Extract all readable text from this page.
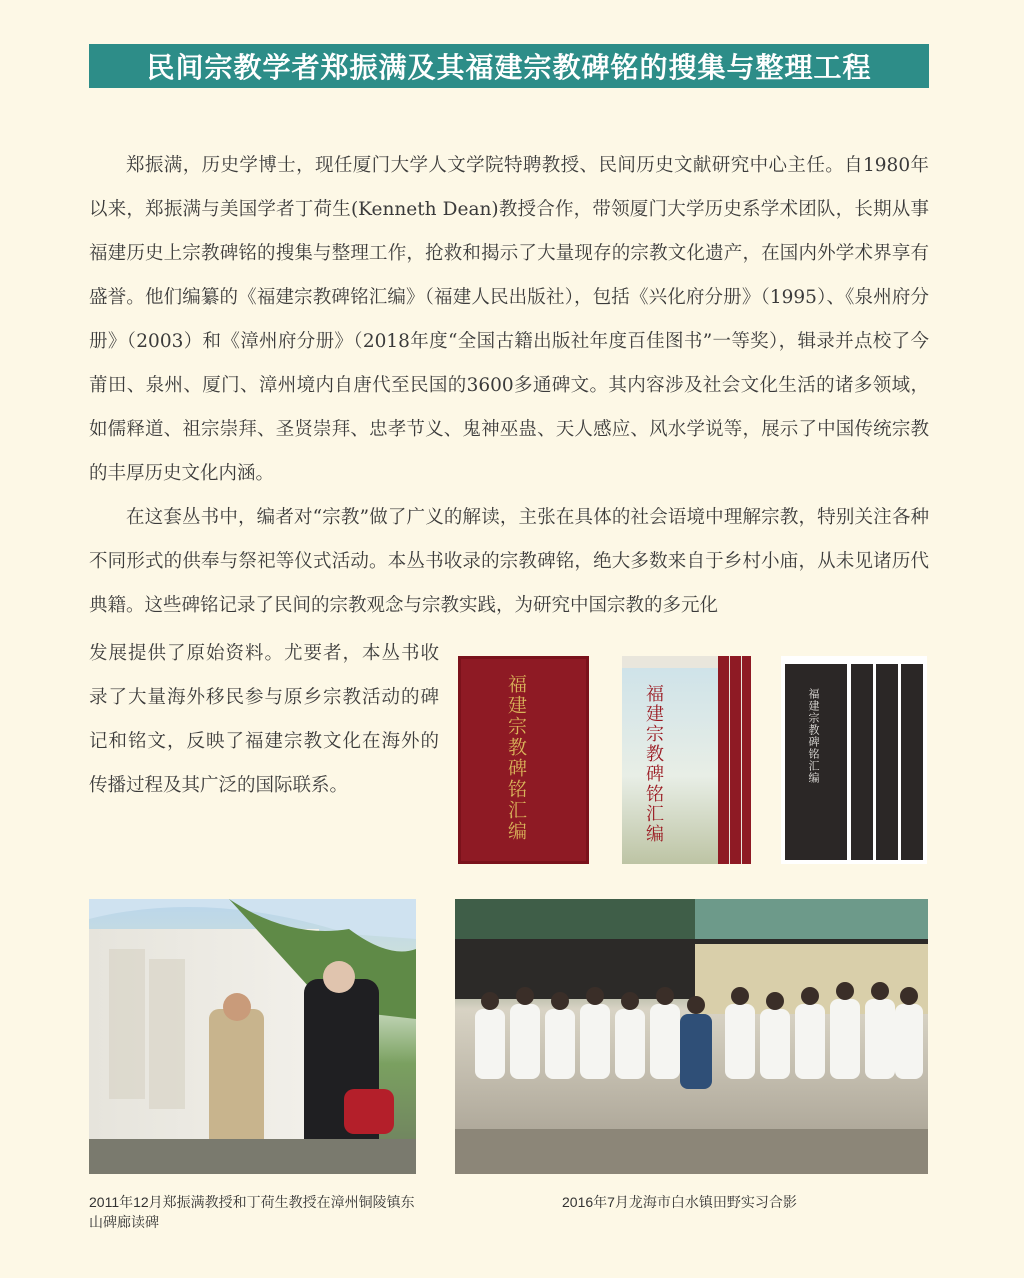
民间宗教学者郑振满及其福建宗教碑铭的搜集与整理工程

郑振满，历史学博士，现任厦门大学人文学院特聘教授、民间历史文献研究中心主任。自1980年以来，郑振满与美国学者丁荷生(Kenneth Dean)教授合作，带领厦门大学历史系学术团队，长期从事福建历史上宗教碑铭的搜集与整理工作，抢救和揭示了大量现存的宗教文化遗产，在国内外学术界享有盛誉。他们编纂的《福建宗教碑铭汇编》（福建人民出版社），包括《兴化府分册》（1995）、《泉州府分册》（2003）和《漳州府分册》（2018年度“全国古籍出版社年度百佳图书”一等奖），辑录并点校了今莆田、泉州、厦门、漳州境内自唐代至民国的3600多通碑文。其内容涉及社会文化生活的诸多领域，如儒释道、祖宗崇拜、圣贤崇拜、忠孝节义、鬼神巫蛊、天人感应、风水学说等，展示了中国传统宗教的丰厚历史文化内涵。

在这套丛书中，编者对“宗教”做了广义的解读，主张在具体的社会语境中理解宗教，特别关注各种不同形式的供奉与祭祀等仪式活动。本丛书收录的宗教碑铭，绝大多数来自于乡村小庙，从未见诸历代典籍。这些碑铭记录了民间的宗教观念与宗教实践，为研究中国宗教的多元化

发展提供了原始资料。尤要者，本丛书收录了大量海外移民参与原乡宗教活动的碑记和铭文，反映了福建宗教文化在海外的传播过程及其广泛的国际联系。	福建宗教碑铭汇编	福建宗教碑铭汇编	福建宗教碑铭汇编
2011年12月郑振满教授和丁荷生教授在漳州铜陵镇东山碑廊读碑
2016年7月龙海市白水镇田野实习合影
